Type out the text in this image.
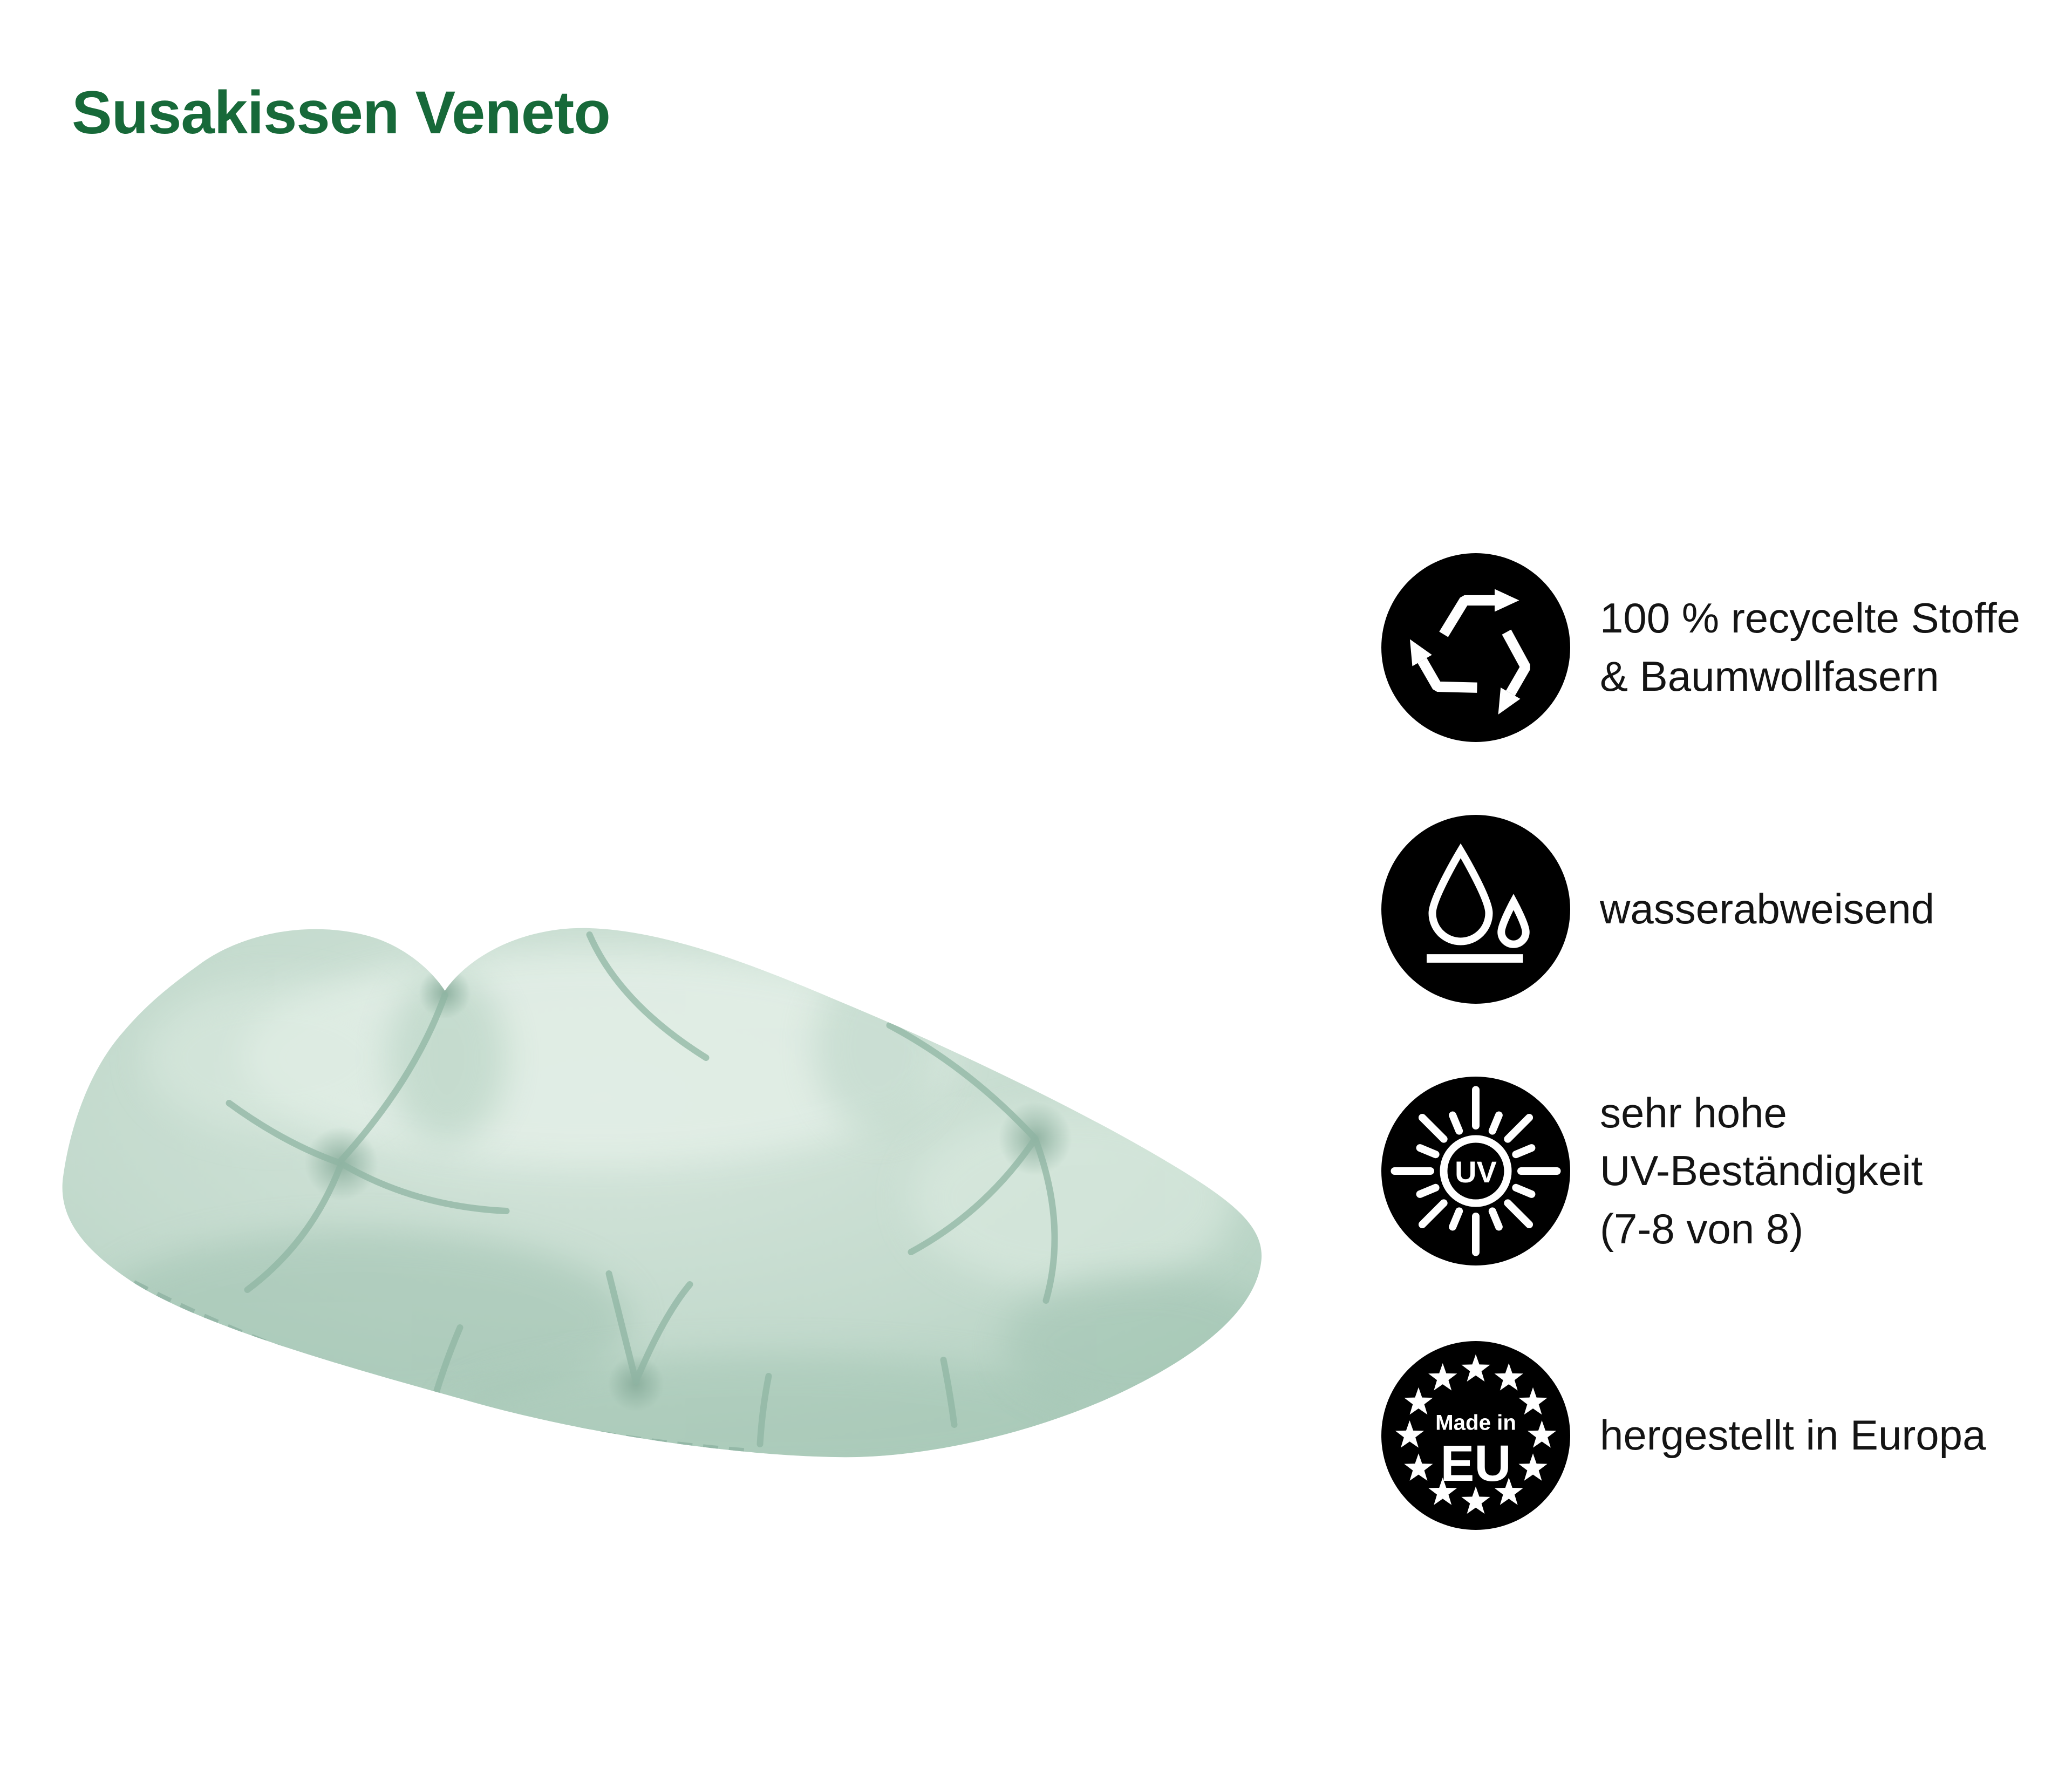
Susakissen Veneto
100 % recycelte Stoffe
& Baumwollfasern
wasserabweisend
UV
sehr hohe
UV-Beständigkeit
(7-8 von 8)
Made in
EU hergestellt in Europa
